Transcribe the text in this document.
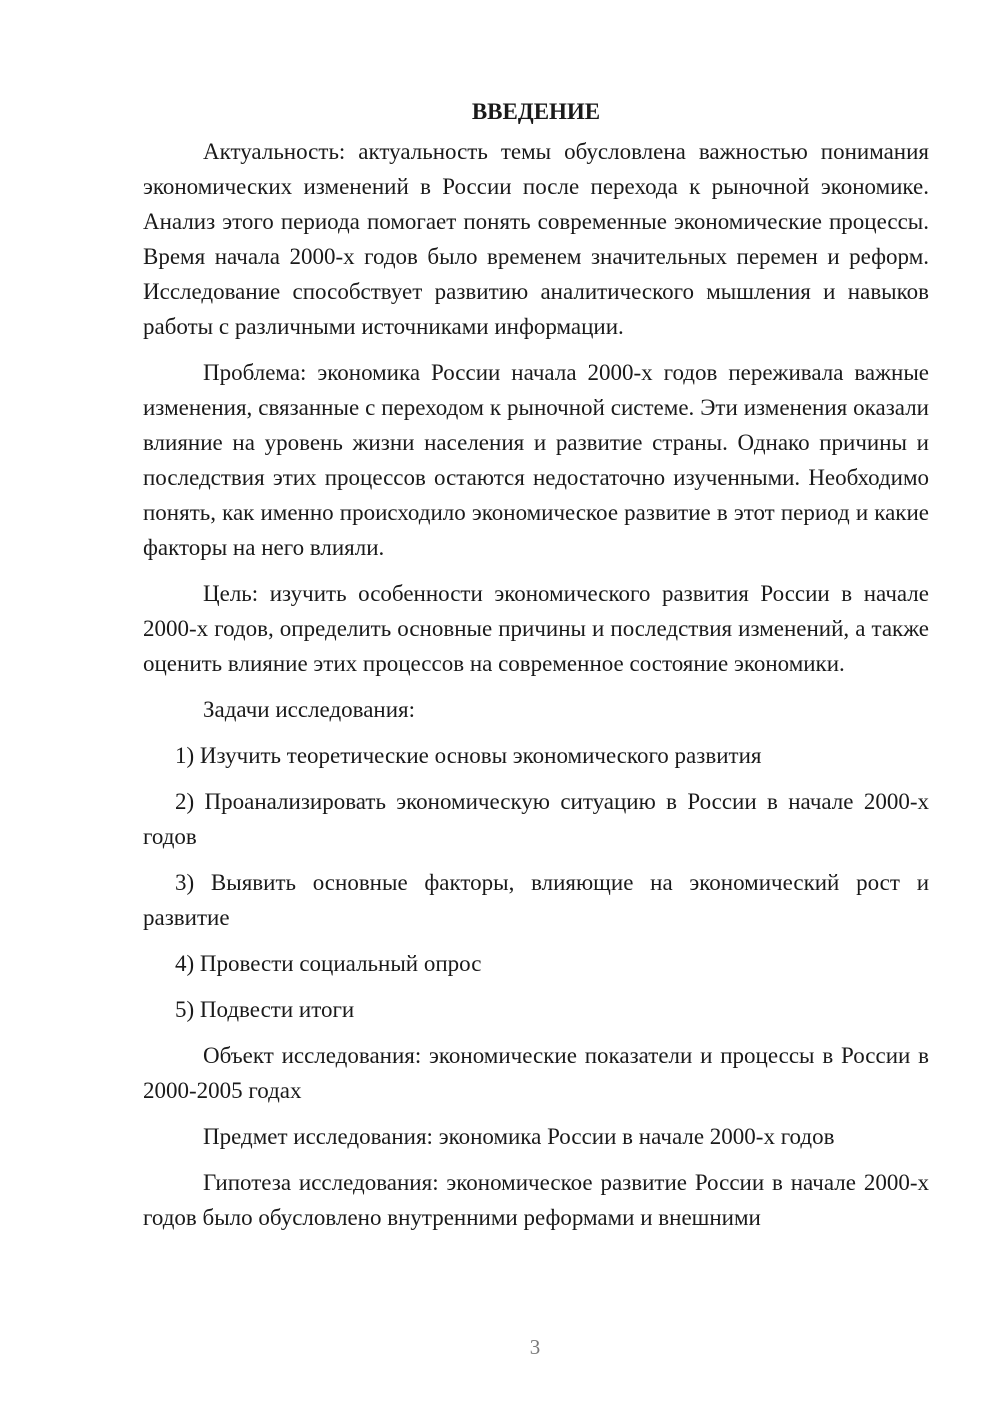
ВВЕДЕНИЕ

Актуальность: актуальность темы обусловлена важностью понимания экономических изменений в России после перехода к рыночной экономике. Анализ этого периода помогает понять современные экономические процессы. Время начала 2000-х годов было временем значительных перемен и реформ. Исследование способствует развитию аналитического мышления и навыков работы с различными источниками информации.

Проблема: экономика России начала 2000-х годов переживала важные изменения, связанные с переходом к рыночной системе. Эти изменения оказали влияние на уровень жизни населения и развитие страны. Однако причины и последствия этих процессов остаются недостаточно изученными. Необходимо понять, как именно происходило экономическое развитие в этот период и какие факторы на него влияли.

Цель: изучить особенности экономического развития России в начале 2000-х годов, определить основные причины и последствия изменений, а также оценить влияние этих процессов на современное состояние экономики.

Задачи исследования:

1) Изучить теоретические основы экономического развития

2) Проанализировать экономическую ситуацию в России в начале 2000-х годов

3) Выявить основные факторы, влияющие на экономический рост и развитие

4) Провести социальный опрос

5) Подвести итоги

Объект исследования: экономические показатели и процессы в России в 2000-2005 годах

Предмет исследования: экономика России в начале 2000-х годов

Гипотеза исследования: экономическое развитие России в начале 2000-х годов было обусловлено внутренними реформами и внешними

3
